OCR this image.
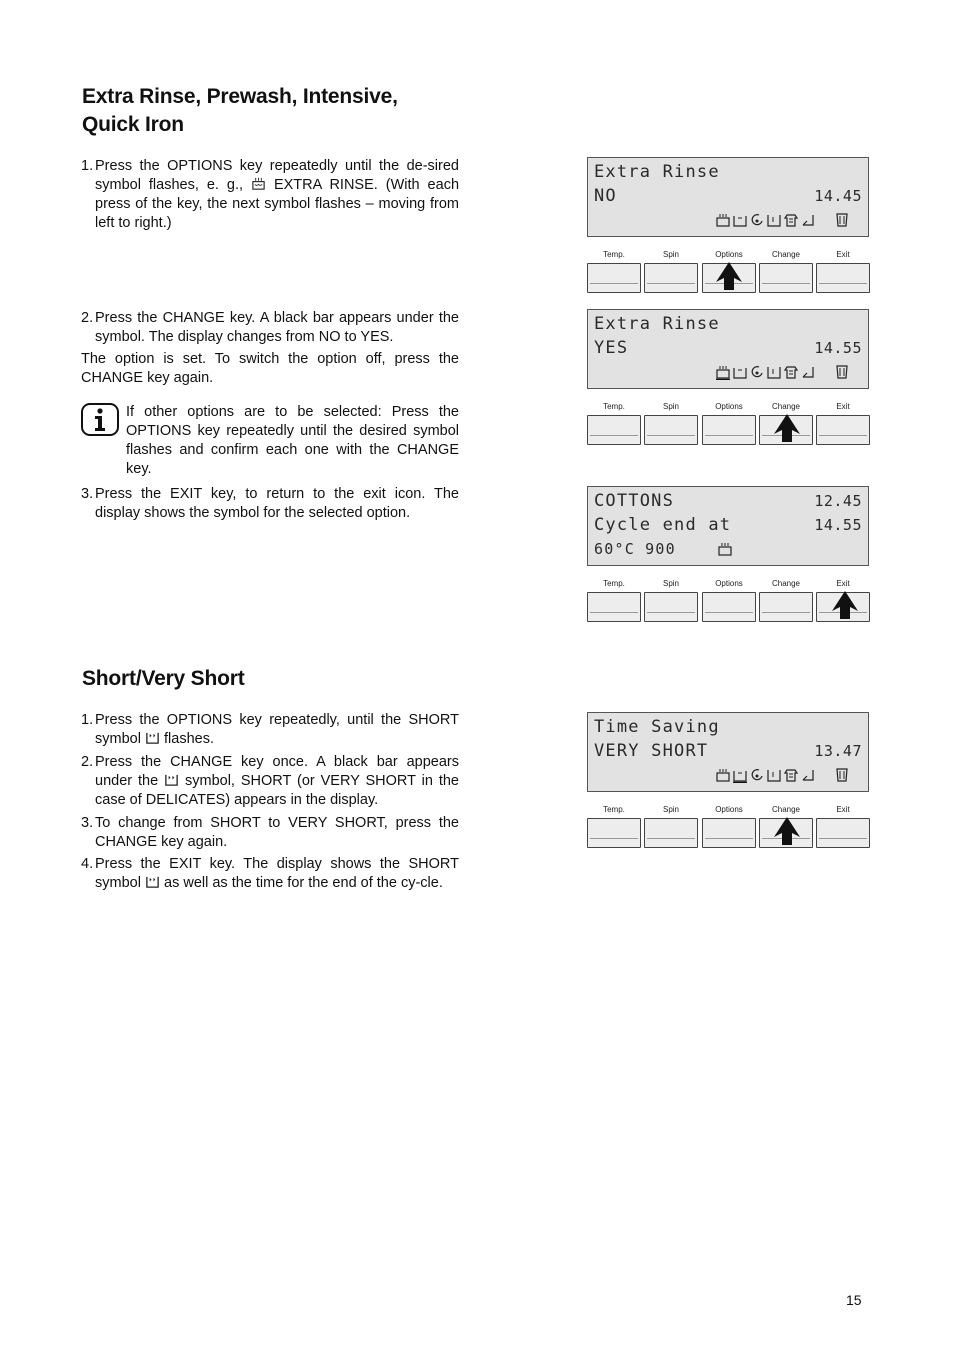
Extra Rinse, Prewash, Intensive,
Quick Iron
1. Press the OPTIONS key repeatedly until the de-sired symbol flashes, e. g., EXTRA RINSE. (With each press of the key, the next symbol flashes – moving from left to right.)
2. Press the CHANGE key. A black bar appears under the symbol. The display changes from NO to YES.

The option is set. To switch the option off, press the CHANGE key again.

If other options are to be selected: Press the OPTIONS key repeatedly until the desired symbol flashes and confirm each one with the CHANGE key.
3. Press the EXIT key, to return to the exit icon. The display shows the symbol for the selected option.
Short/Very Short
1. Press the OPTIONS key repeatedly, until the SHORT symbol flashes.
2. Press the CHANGE key once. A black bar appears under the symbol, SHORT (or VERY SHORT in the case of DELICATES) appears in the display.
3. To change from SHORT to VERY SHORT, press the CHANGE key again.
4. Press the EXIT key. The display shows the SHORT symbol as well as the time for the end of the cy-cle.
Extra Rinse
NO	14.45
Temp.	Spin	Options	Change	Exit
Extra Rinse
YES	14.55
Temp.	Spin	Options	Change	Exit
COTTONS	12.45
Cycle end at	14.55
60°C 900
Temp.	Spin	Options	Change	Exit
Time Saving
VERY SHORT	13.47
Temp.	Spin	Options	Change	Exit
15
